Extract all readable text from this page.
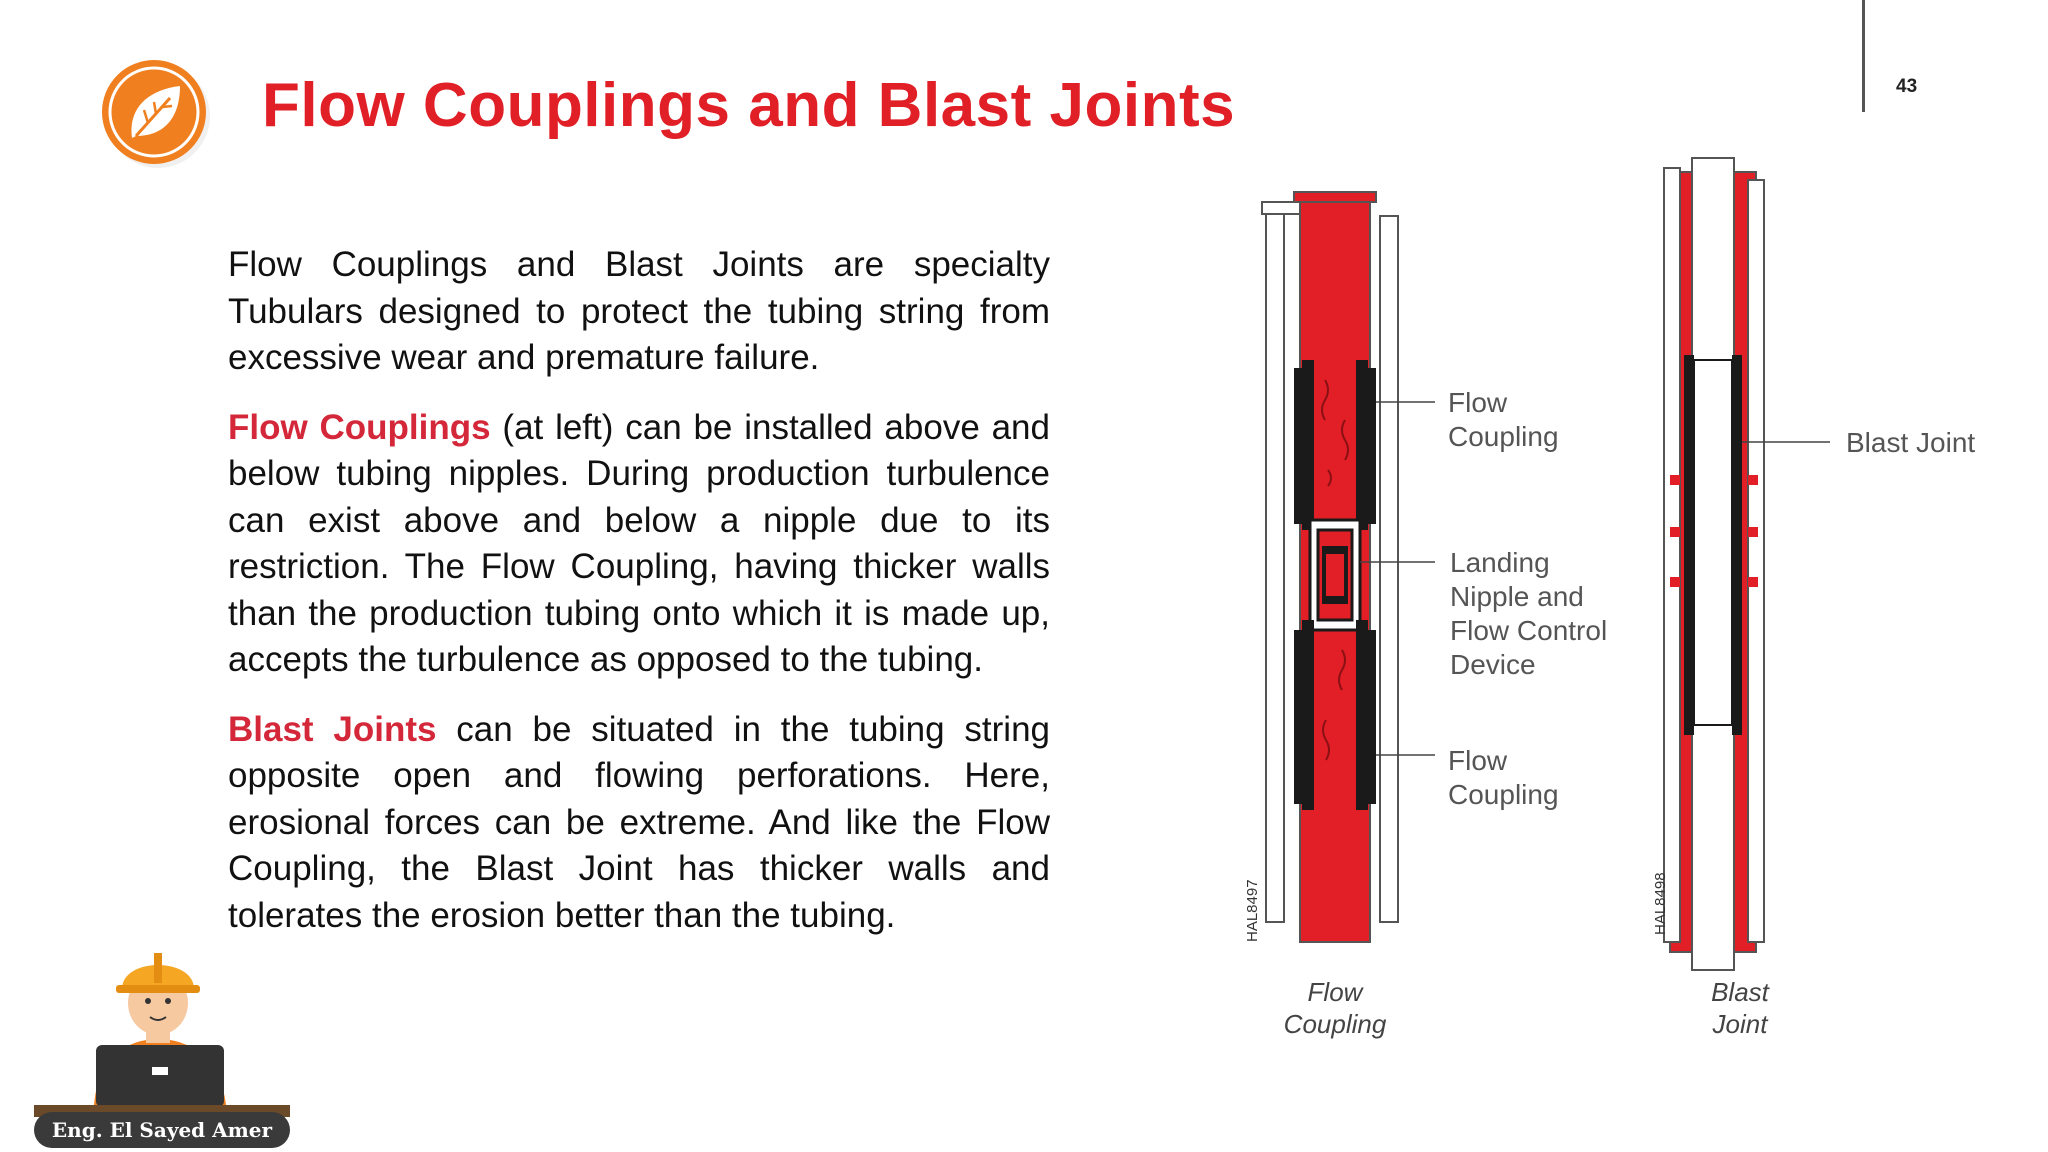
Flow Couplings and Blast Joints	43

Flow Couplings and Blast Joints are specialty Tubulars designed to protect the tubing string from excessive wear and premature failure.

Flow Couplings (at left) can be installed above and below tubing nipples. During production turbulence can exist above and below a nipple due to its restriction. The Flow Coupling, having thicker walls than the production tubing onto which it is made up, accepts the turbulence as opposed to the tubing.

Blast Joints can be situated in the tubing string opposite open and flowing perforations. Here, erosional forces can be extreme. And like the Flow Coupling, the Blast Joint has thicker walls and tolerates the erosion better than the tubing.

Flow
Coupling
Landing
Nipple and
Flow Control
Device
Flow
Coupling
Blast Joint
HAL8497	HAL8498
Flow
Coupling
Blast
Joint
Eng. El Sayed Amer
